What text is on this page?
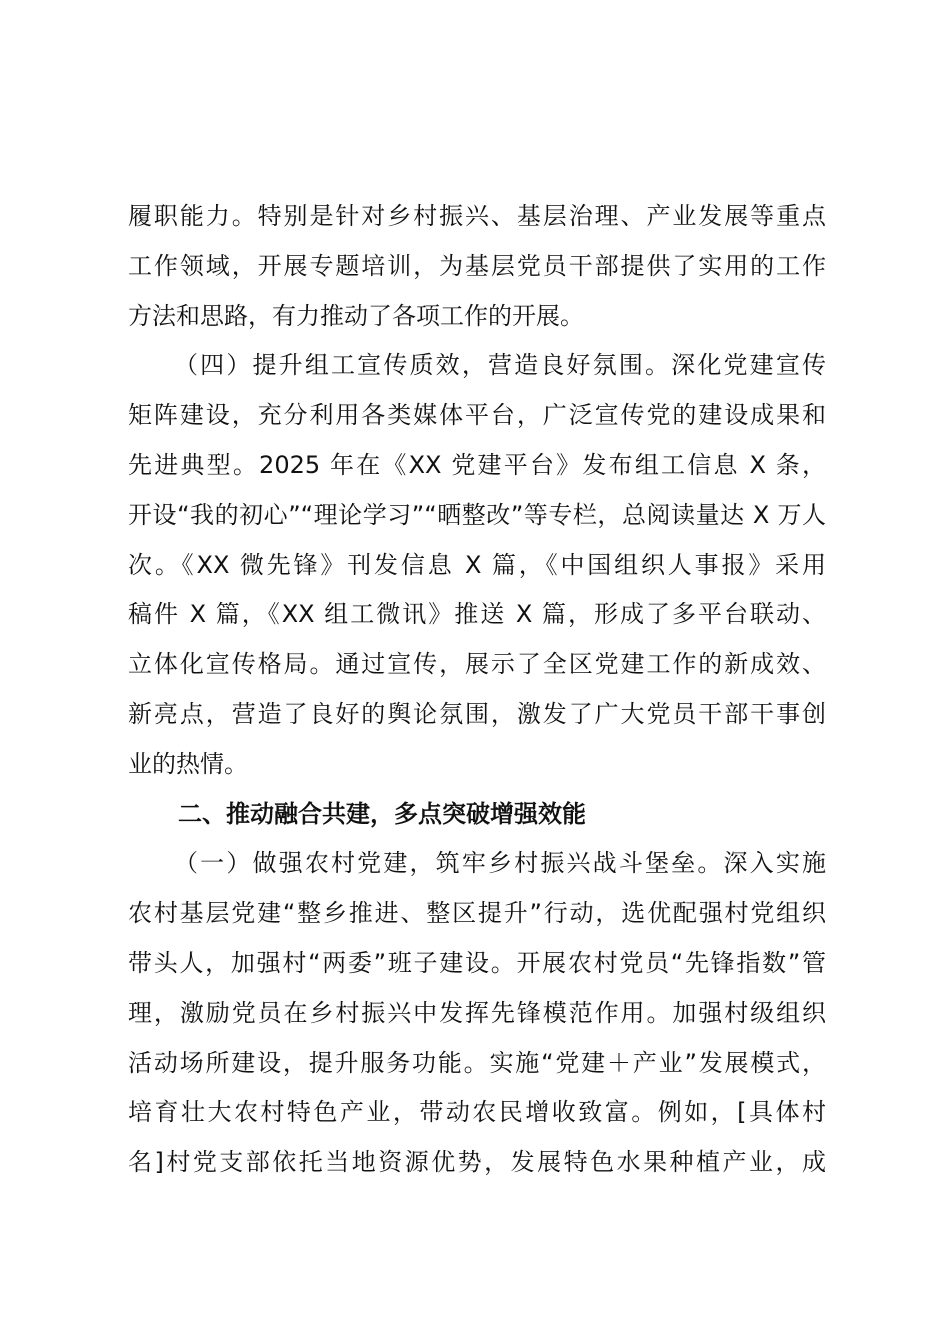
履职能力。特别是针对乡村振兴、基层治理、产业发展等重点
工作领域，开展专题培训，为基层党员干部提供了实用的工作
方法和思路，有力推动了各项工作的开展。
（四）提升组工宣传质效，营造良好氛围。深化党建宣传
矩阵建设，充分利用各类媒体平台，广泛宣传党的建设成果和
先进典型。2025 年在《XX 党建平台》发布组工信息 X 条，
开设“我的初心”“理论学习”“晒整改”等专栏，总阅读量达 X 万人
次。《XX 微先锋》刊发信息 X 篇，《中国组织人事报》采用
稿件 X 篇，《XX 组工微讯》推送 X 篇，形成了多平台联动、
立体化宣传格局。通过宣传，展示了全区党建工作的新成效、
新亮点，营造了良好的舆论氛围，激发了广大党员干部干事创
业的热情。
二、推动融合共建，多点突破增强效能
（一）做强农村党建，筑牢乡村振兴战斗堡垒。深入实施
农村基层党建“整乡推进、整区提升”行动，选优配强村党组织
带头人，加强村“两委”班子建设。开展农村党员“先锋指数”管
理，激励党员在乡村振兴中发挥先锋模范作用。加强村级组织
活动场所建设，提升服务功能。实施“党建＋产业”发展模式，
培育壮大农村特色产业，带动农民增收致富。例如，[具体村
名]村党支部依托当地资源优势，发展特色水果种植产业，成
